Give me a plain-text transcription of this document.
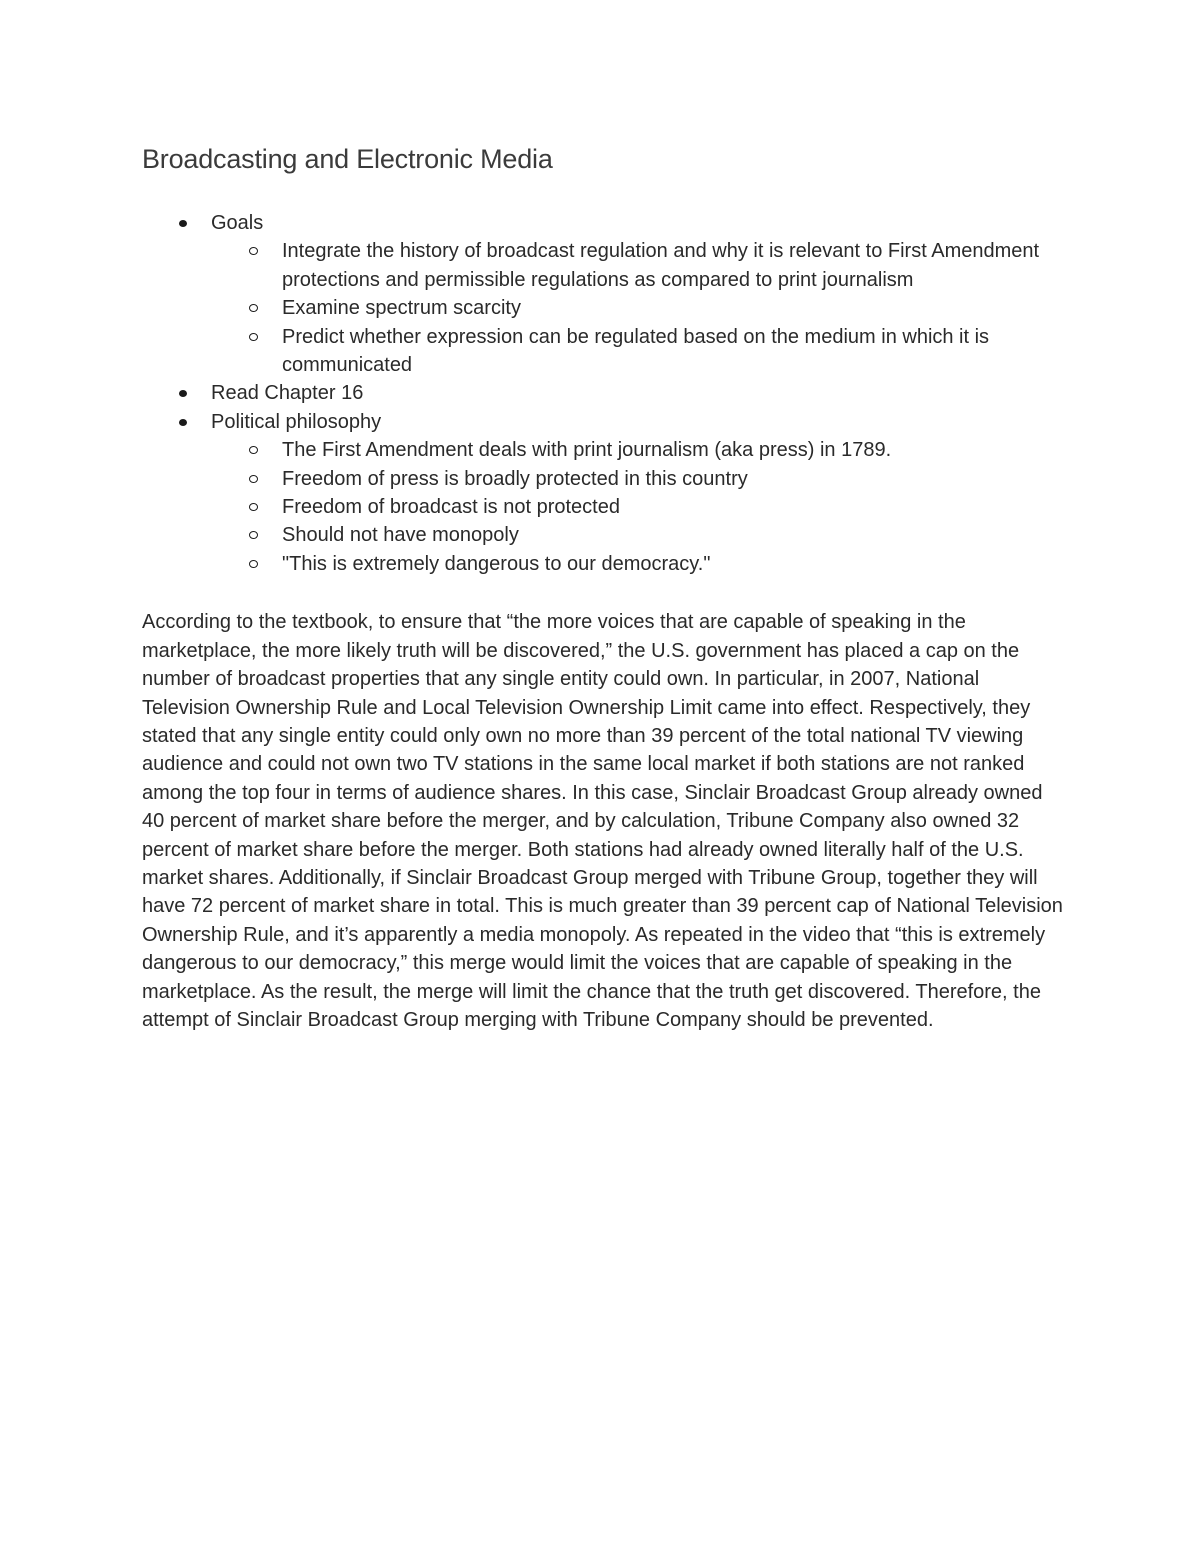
Broadcasting and Electronic Media
Goals
Integrate the history of broadcast regulation and why it is relevant to First Amendment protections and permissible regulations as compared to print journalism
Examine spectrum scarcity
Predict whether expression can be regulated based on the medium in which it is communicated
Read Chapter 16
Political philosophy
The First Amendment deals with print journalism (aka press) in 1789.
Freedom of press is broadly protected in this country
Freedom of broadcast is not protected
Should not have monopoly
"This is extremely dangerous to our democracy."

According to the textbook, to ensure that “the more voices that are capable of speaking in the marketplace, the more likely truth will be discovered,” the U.S. government has placed a cap on the number of broadcast properties that any single entity could own. In particular, in 2007, National Television Ownership Rule and Local Television Ownership Limit came into effect. Respectively, they stated that any single entity could only own no more than 39 percent of the total national TV viewing audience and could not own two TV stations in the same local market if both stations are not ranked among the top four in terms of audience shares. In this case, Sinclair Broadcast Group already owned 40 percent of market share before the merger, and by calculation, Tribune Company also owned 32 percent of market share before the merger. Both stations had already owned literally half of the U.S. market shares. Additionally, if Sinclair Broadcast Group merged with Tribune Group, together they will have 72 percent of market share in total. This is much greater than 39 percent cap of National Television Ownership Rule, and it’s apparently a media monopoly. As repeated in the video that “this is extremely dangerous to our democracy,” this merge would limit the voices that are capable of speaking in the marketplace. As the result, the merge will limit the chance that the truth get discovered. Therefore, the attempt of Sinclair Broadcast Group merging with Tribune Company should be prevented.
